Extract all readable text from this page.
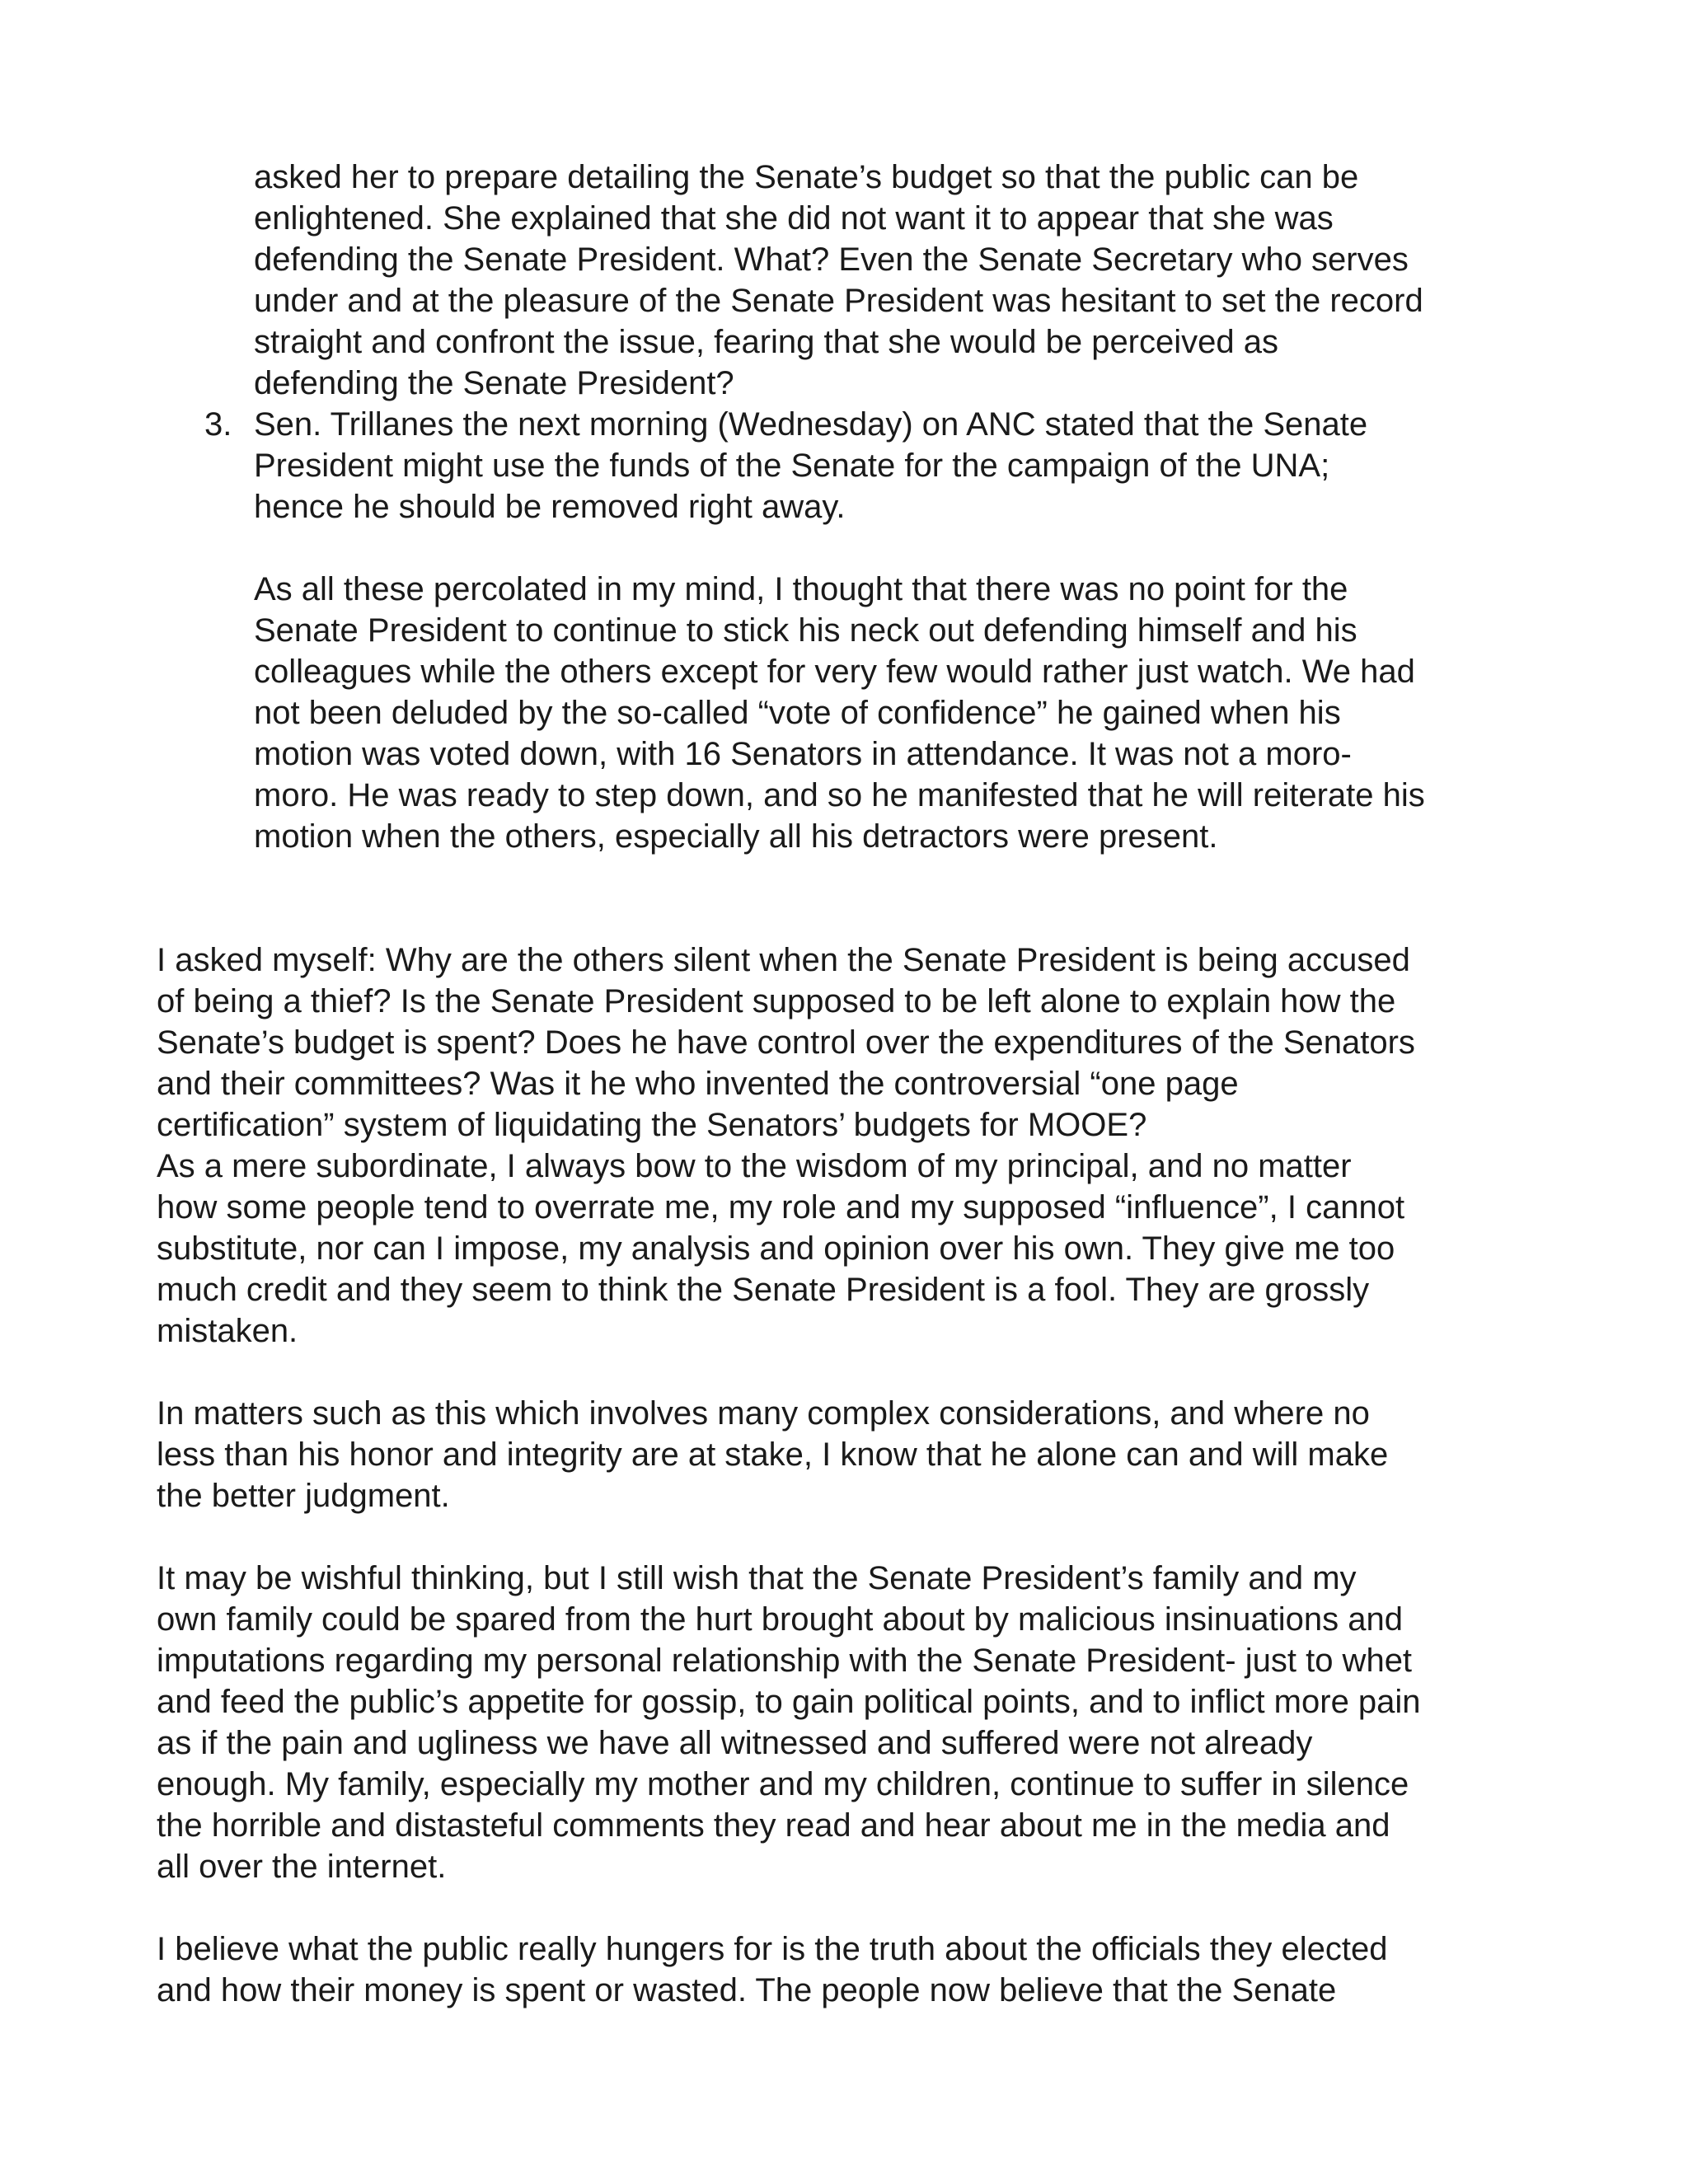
asked her to prepare detailing the Senate’s budget so that the public can be
enlightened. She explained that she did not want it to appear that she was
defending the Senate President. What? Even the Senate Secretary who serves
under and at the pleasure of the Senate President was hesitant to set the record
straight and confront the issue, fearing that she would be perceived as
defending the Senate President?

3. Sen. Trillanes the next morning (Wednesday) on ANC stated that the Senate
President might use the funds of the Senate for the campaign of the UNA;
hence he should be removed right away.

As all these percolated in my mind, I thought that there was no point for the
Senate President to continue to stick his neck out defending himself and his
colleagues while the others except for very few would rather just watch. We had
not been deluded by the so-called “vote of confidence” he gained when his
motion was voted down, with 16 Senators in attendance. It was not a moro-
moro. He was ready to step down, and so he manifested that he will reiterate his
motion when the others, especially all his detractors were present.

I asked myself: Why are the others silent when the Senate President is being accused
of being a thief? Is the Senate President supposed to be left alone to explain how the
Senate’s budget is spent? Does he have control over the expenditures of the Senators
and their committees? Was it he who invented the controversial “one page
certification” system of liquidating the Senators’ budgets for MOOE?
As a mere subordinate, I always bow to the wisdom of my principal, and no matter
how some people tend to overrate me, my role and my supposed “influence”, I cannot
substitute, nor can I impose, my analysis and opinion over his own. They give me too
much credit and they seem to think the Senate President is a fool. They are grossly
mistaken.

In matters such as this which involves many complex considerations, and where no
less than his honor and integrity are at stake, I know that he alone can and will make
the better judgment.

It may be wishful thinking, but I still wish that the Senate President’s family and my
own family could be spared from the hurt brought about by malicious insinuations and
imputations regarding my personal relationship with the Senate President- just to whet
and feed the public’s appetite for gossip, to gain political points, and to inflict more pain
as if the pain and ugliness we have all witnessed and suffered were not already
enough. My family, especially my mother and my children, continue to suffer in silence
the horrible and distasteful comments they read and hear about me in the media and
all over the internet.

I believe what the public really hungers for is the truth about the officials they elected
and how their money is spent or wasted. The people now believe that the Senate
